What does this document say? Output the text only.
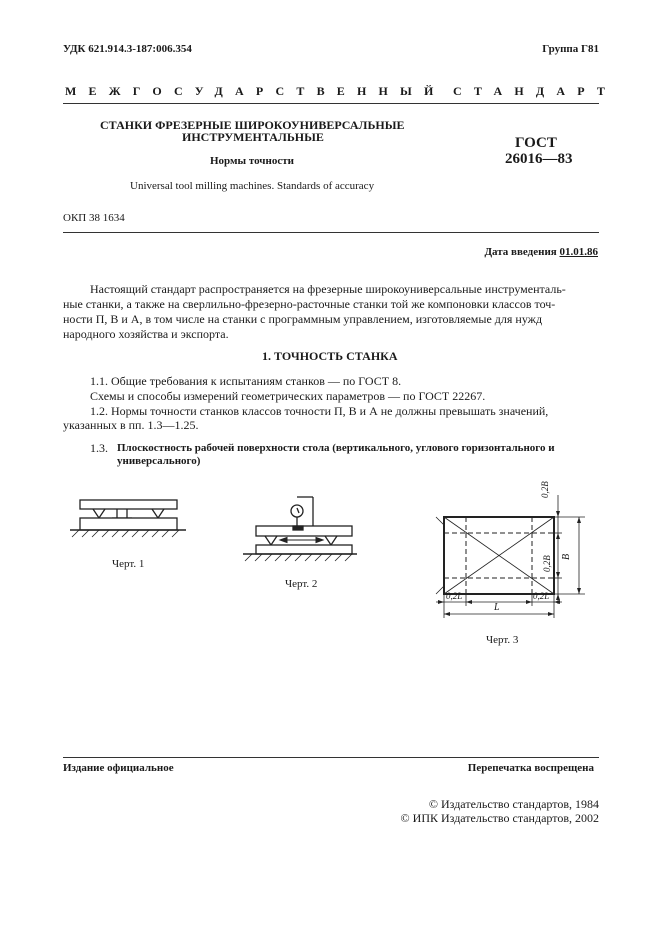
УДК 621.914.3-187:006.354	Группа Г81
МЕЖГОСУДАРСТВЕННЫЙ СТАНДАРТ
СТАНКИ ФРЕЗЕРНЫЕ ШИРОКОУНИВЕРСАЛЬНЫЕ
ИНСТРУМЕНТАЛЬНЫЕ
Нормы точности
Universal tool milling machines. Standards of accuracy
ГОСТ
26016—83
ОКП 38 1634
Дата введения 01.01.86
Настоящий стандарт распространяется на фрезерные широкоуниверсальные инструменталь-
ные станки, а также на сверлильно-фрезерно-расточные станки той же компоновки классов точ-
ности П, В и А, в том числе на станки с программным управлением, изготовляемые для нужд
народного хозяйства и экспорта.
1. ТОЧНОСТЬ СТАНКА
1.1. Общие требования к испытаниям станков — по ГОСТ 8.
Схемы и способы измерений геометрических параметров — по ГОСТ 22267.
1.2. Нормы точности станков классов точности П, В и А не должны превышать значений,
указанных в пп. 1.3—1.25.
1.3. Плоскостность рабочей поверхности стола (вертикального, углового горизонтального и
универсального)
Черт. 1
Черт. 2
0,2B
0,2B B
0,2L
L
0,2L
Черт. 3
Издание официальное	Перепечатка воспрещена
© Издательство стандартов, 1984
© ИПК Издательство стандартов, 2002
